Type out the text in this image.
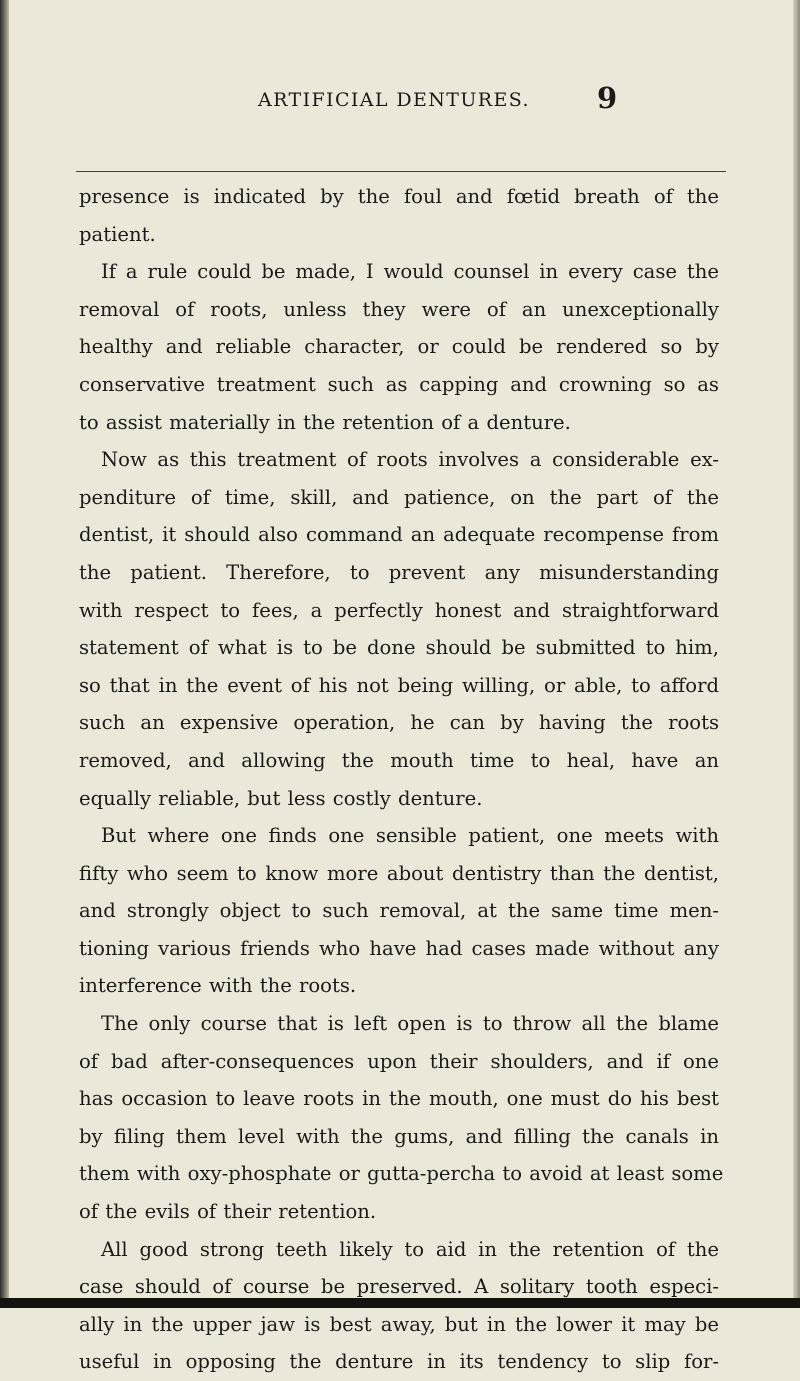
ARTIFICIAL DENTURES. 9
presence is indicated by the foul and fœtid breath of the
patient.
If a rule could be made, I would counsel in every case the
removal of roots, unless they were of an unexceptionally
healthy and reliable character, or could be rendered so by
conservative treatment such as capping and crowning so as
to assist materially in the retention of a denture.
Now as this treatment of roots involves a considerable ex-
penditure of time, skill, and patience, on the part of the
dentist, it should also command an adequate recompense from
the patient. Therefore, to prevent any misunderstanding
with respect to fees, a perfectly honest and straightforward
statement of what is to be done should be submitted to him,
so that in the event of his not being willing, or able, to afford
such an expensive operation, he can by having the roots
removed, and allowing the mouth time to heal, have an
equally reliable, but less costly denture.
But where one finds one sensible patient, one meets with
fifty who seem to know more about dentistry than the dentist,
and strongly object to such removal, at the same time men-
tioning various friends who have had cases made without any
interference with the roots.
The only course that is left open is to throw all the blame
of bad after-consequences upon their shoulders, and if one
has occasion to leave roots in the mouth, one must do his best
by filing them level with the gums, and filling the canals in
them with oxy-phosphate or gutta-percha to avoid at least some
of the evils of their retention.
All good strong teeth likely to aid in the retention of the
case should of course be preserved. A solitary tooth especi-
ally in the upper jaw is best away, but in the lower it may be
useful in opposing the denture in its tendency to slip for-
